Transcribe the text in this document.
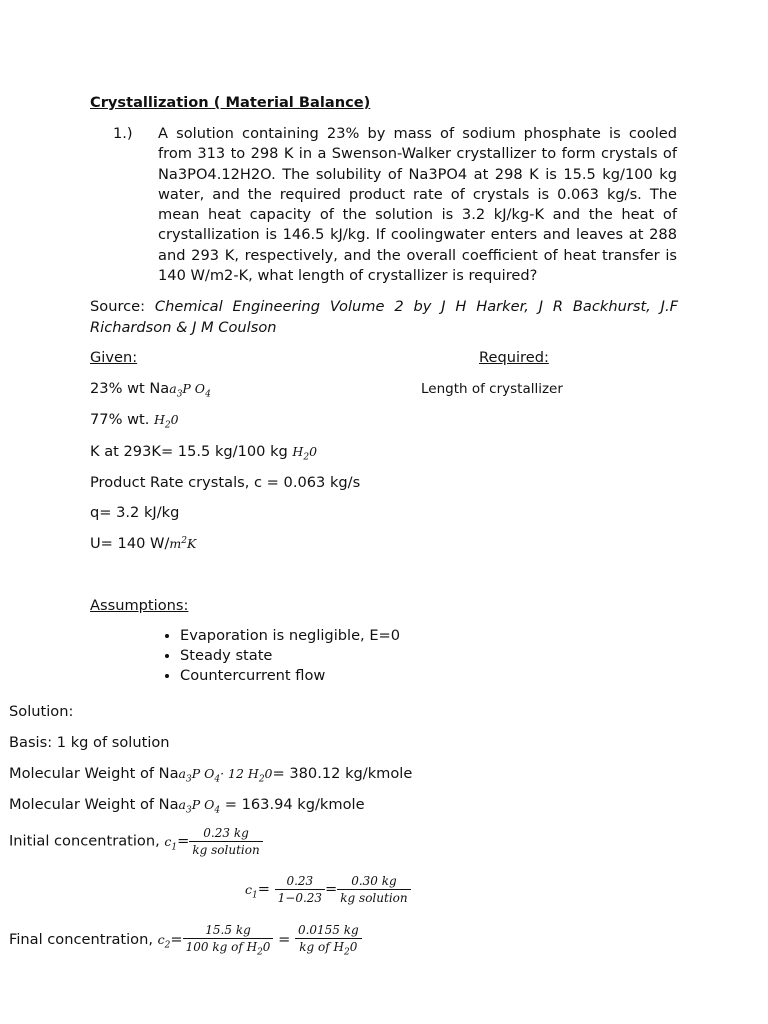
Crystallization ( Material Balance)
1.) A solution containing 23% by mass of sodium phosphate is cooled from 313 to 298 K in a Swenson-Walker crystallizer to form crystals of Na3PO4.12H2O. The solubility of Na3PO4 at 298 K is 15.5 kg/100 kg water, and the required product rate of crystals is 0.063 kg/s. The mean heat capacity of the solution is 3.2 kJ/kg-K and the heat of crystallization is 146.5 kJ/kg. If coolingwater enters and leaves at 288 and 293 K, respectively, and the overall coefficient of heat transfer is 140 W/m2-K, what length of crystallizer is required?
Source: Chemical Engineering Volume 2 by J H Harker, J R Backhurst, J.F Richardson & J M Coulson
Given:	Required:
23% wt Naa$_3$P $O_4$	Length of crystallizer
77% wt. $H_20$
K at 293K= 15.5 kg/100 kg $H_20$
Product Rate crystals, c = 0.063 kg/s
q= 3.2 kJ/kg
U= 140 $W/m^2K$
Assumptions:
• Evaporation is negligible, E=0
• Steady state
• Countercurrent flow
Solution:
Basis: 1 kg of solution
Molecular Weight of Naa$_3$P $O_4\cdot 12$ $H_20= 380.12$ kg/kmole
Molecular Weight of Naa$_3$P $O_4 = 163.94$ kg/kmole
Initial concentration, $c_1= \frac{0.23 kg}{\text{kg solution}}$
$c_1= \frac{0.23}{1-0.23} = \frac{0.30 kg}{\text{kg solution}}$
Final concentration, $c_2= \frac{15.5 kg}{100 kg of H_20} = \frac{0.0155 kg}{kg of H_20}$
